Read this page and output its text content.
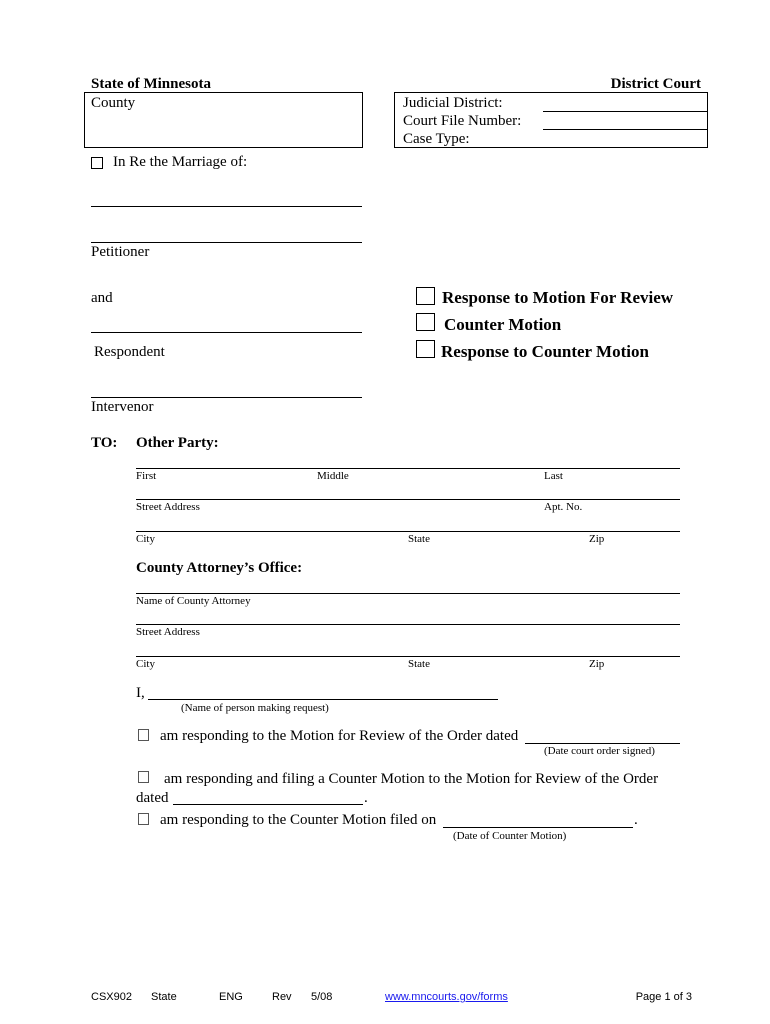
State of Minnesota	District Court
County	Judicial District:
Court File Number:
Case Type:
In Re the Marriage of:
Petitioner
and
Respondent
Intervenor
Response to Motion For Review
Counter Motion
Response to Counter Motion
TO: Other Party:
First	Middle	Last
Street Address	Apt. No.
City	State	Zip
County Attorney’s Office:
Name of County Attorney
Street Address
City	State	Zip
I,
(Name of person making request)
am responding to the Motion for Review of the Order dated
(Date court order signed)
am responding and filing a Counter Motion to the Motion for Review of the Order
dated	.
am responding to the Counter Motion filed on	.
(Date of Counter Motion)
CSX902 State	ENG	Rev 5/08	www.mncourts.gov/forms	Page 1 of 3
